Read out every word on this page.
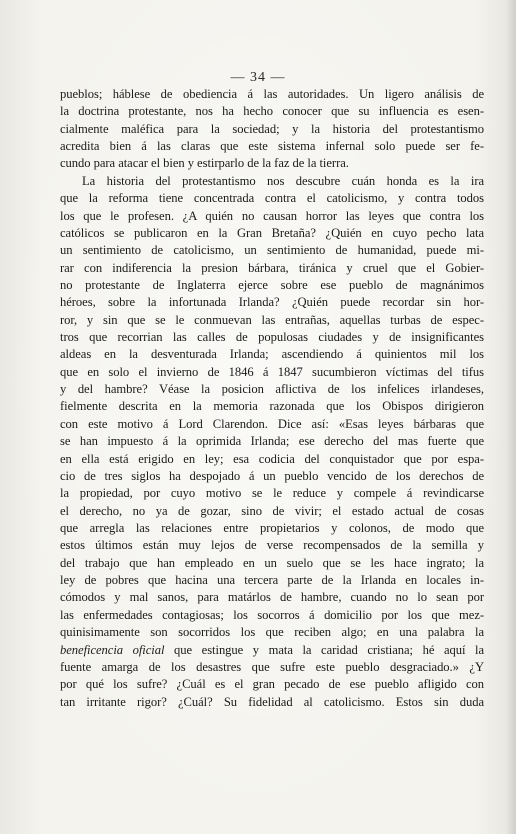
— 34 —
pueblos; háblese de obediencia á las autoridades. Un ligero análisis de
la doctrina protestante, nos ha hecho conocer que su influencia es esen-
cialmente maléfica para la sociedad; y la historia del protestantismo
acredita bien á las claras que este sistema infernal solo puede ser fe-
cundo para atacar el bien y estirparlo de la faz de la tierra.
La historia del protestantismo nos descubre cuán honda es la ira
que la reforma tiene concentrada contra el catolicismo, y contra todos
los que le profesen. ¿A quién no causan horror las leyes que contra los
católicos se publicaron en la Gran Bretaña? ¿Quién en cuyo pecho lata
un sentimiento de catolicismo, un sentimiento de humanidad, puede mi-
rar con indiferencia la presion bárbara, tiránica y cruel que el Gobier-
no protestante de Inglaterra ejerce sobre ese pueblo de magnánimos
héroes, sobre la infortunada Irlanda? ¿Quién puede recordar sin hor-
ror, y sin que se le conmuevan las entrañas, aquellas turbas de espec-
tros que recorrian las calles de populosas ciudades y de insignificantes
aldeas en la desventurada Irlanda; ascendiendo á quinientos mil los
que en solo el invierno de 1846 á 1847 sucumbieron víctimas del tifus
y del hambre? Véase la posicion aflictiva de los infelices irlandeses,
fielmente descrita en la memoria razonada que los Obispos dirigieron
con este motivo á Lord Clarendon. Dice así: «Esas leyes bárbaras que
se han impuesto á la oprimida Irlanda; ese derecho del mas fuerte que
en ella está erigido en ley; esa codicia del conquistador que por espa-
cio de tres siglos ha despojado á un pueblo vencido de los derechos de
la propiedad, por cuyo motivo se le reduce y compele á revindicarse
el derecho, no ya de gozar, sino de vivir; el estado actual de cosas
que arregla las relaciones entre propietarios y colonos, de modo que
estos últimos están muy lejos de verse recompensados de la semilla y
del trabajo que han empleado en un suelo que se les hace ingrato; la
ley de pobres que hacina una tercera parte de la Irlanda en locales in-
cómodos y mal sanos, para matárlos de hambre, cuando no lo sean por
las enfermedades contagiosas; los socorros á domicilio por los que mez-
quinisimamente son socorridos los que reciben algo; en una palabra la
beneficencia oficial que estingue y mata la caridad cristiana; hé aquí la
fuente amarga de los desastres que sufre este pueblo desgraciado.» ¿Y
por qué los sufre? ¿Cuál es el gran pecado de ese pueblo afligido con
tan irritante rigor? ¿Cuál? Su fidelidad al catolicismo. Estos sin duda
